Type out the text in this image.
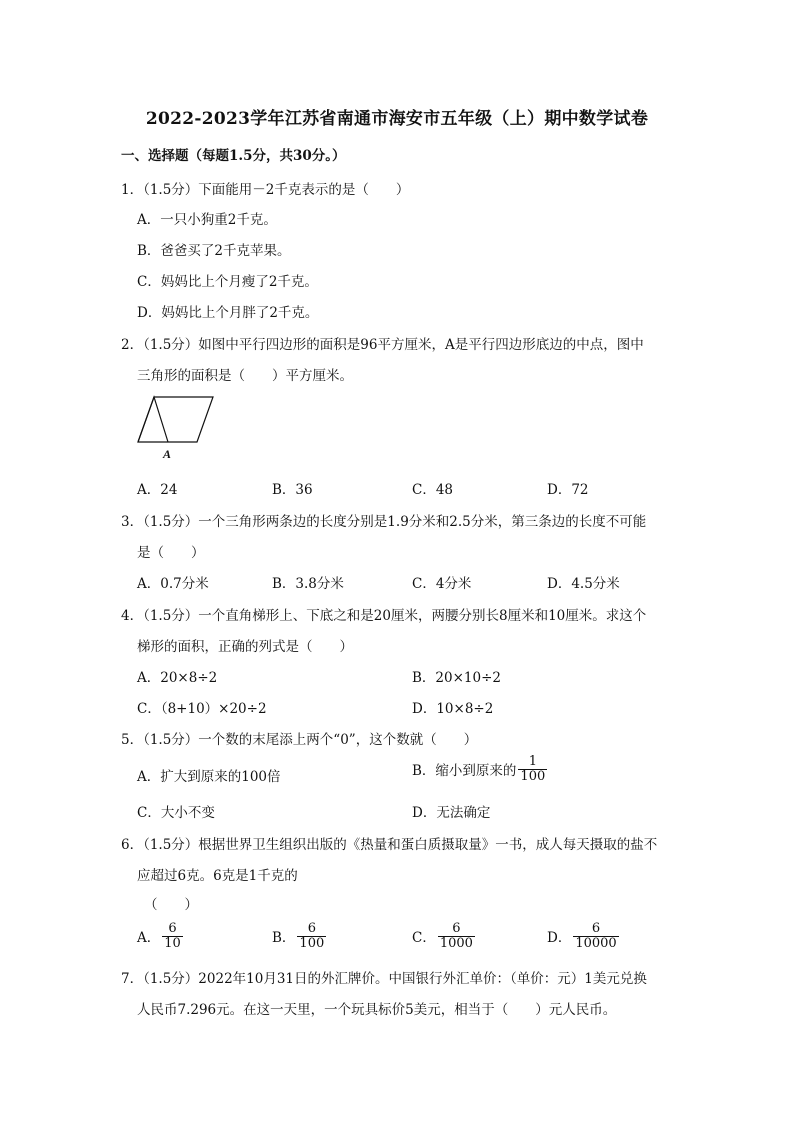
2022-2023学年江苏省南通市海安市五年级（上）期中数学试卷
一、选择题（每题1.5分，共30分。）
1．（1.5分）下面能用－2千克表示的是（　　）
A．一只小狗重2千克。
B．爸爸买了2千克苹果。
C．妈妈比上个月瘦了2千克。
D．妈妈比上个月胖了2千克。
2．（1.5分）如图中平行四边形的面积是96平方厘米，A是平行四边形底边的中点，图中
三角形的面积是（　　）平方厘米。
A
A．24	B．36	C．48	D．72
3．（1.5分）一个三角形两条边的长度分别是1.9分米和2.5分米，第三条边的长度不可能
是（　　）
A．0.7分米	B．3.8分米	C．4分米	D．4.5分米
4．（1.5分）一个直角梯形上、下底之和是20厘米，两腰分别长8厘米和10厘米。求这个
梯形的面积，正确的列式是（　　）
A．20×8÷2	B．20×10÷2
C．（8+10）×20÷2	D．10×8÷2
5．（1.5分）一个数的末尾添上两个“0”，这个数就（　　）
A．扩大到原来的100倍	B．缩小到原来的 $\frac{1}{100}$
C．大小不变	D．无法确定
6．（1.5分）根据世界卫生组织出版的《热量和蛋白质摄取量》一书，成人每天摄取的盐不
应超过6克。6克是1千克的
（　　）
A． $\frac{6}{10}$	B． $\frac{6}{100}$	C． $\frac{6}{1000}$	D． $\frac{6}{10000}$
7．（1.5分）2022年10月31日的外汇牌价。中国银行外汇单价：（单价：元）1美元兑换
人民币7.296元。在这一天里，一个玩具标价5美元，相当于（　　）元人民币。
